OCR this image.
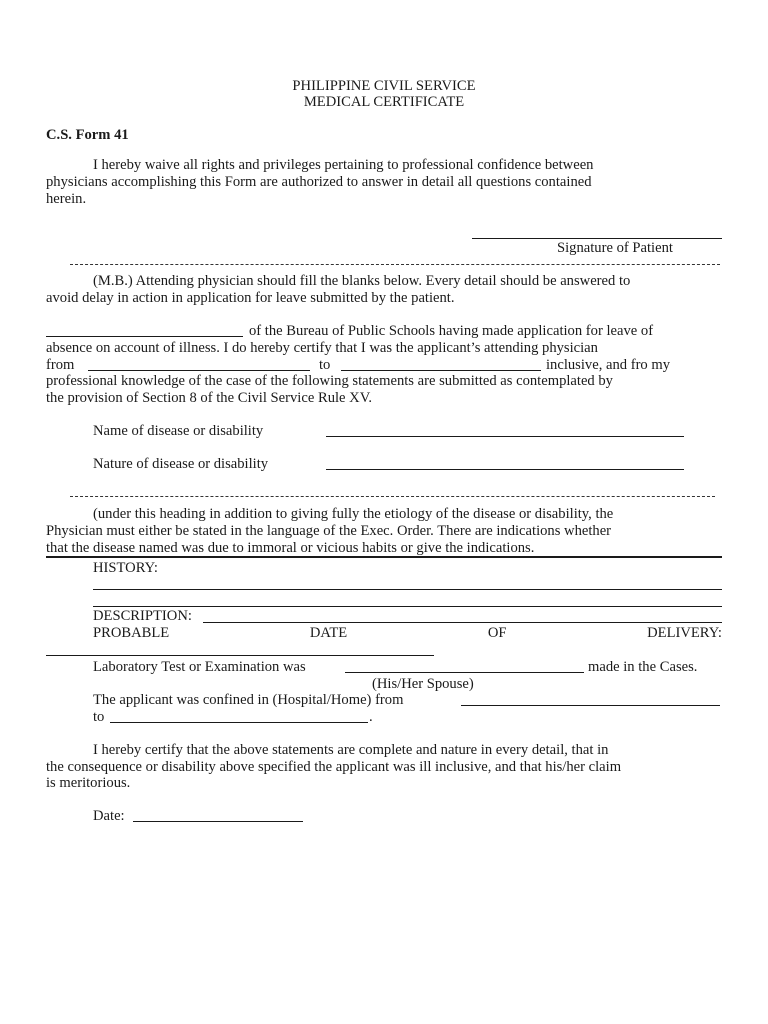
PHILIPPINE CIVIL SERVICE
MEDICAL CERTIFICATE
C.S. Form 41
I hereby waive all rights and privileges pertaining to professional confidence between
physicians accomplishing this Form are authorized to answer in detail all questions contained
herein.
Signature of Patient
(M.B.) Attending physician should fill the blanks below. Every detail should be answered to
avoid delay in action in application for leave submitted by the patient.
of the Bureau of Public Schools having made application for leave of
absence on account of illness. I do hereby certify that I was the applicant’s attending physician
from	to	inclusive, and fro my
professional knowledge of the case of the following statements are submitted as contemplated by
the provision of Section 8 of the Civil Service Rule XV.
Name of disease or disability
Nature of disease or disability
(under this heading in addition to giving fully the etiology of the disease or disability, the
Physician must either be stated in the language of the Exec. Order. There are indications whether
that the disease named was due to immoral or vicious habits or give the indications.
HISTORY:
DESCRIPTION:
PROBABLE	DATE	OF	DELIVERY:
Laboratory Test or Examination was	made in the Cases.
(His/Her Spouse)
The applicant was confined in (Hospital/Home) from
to	.
I hereby certify that the above statements are complete and nature in every detail, that in
the consequence or disability above specified the applicant was ill inclusive, and that his/her claim
is meritorious.
Date:
